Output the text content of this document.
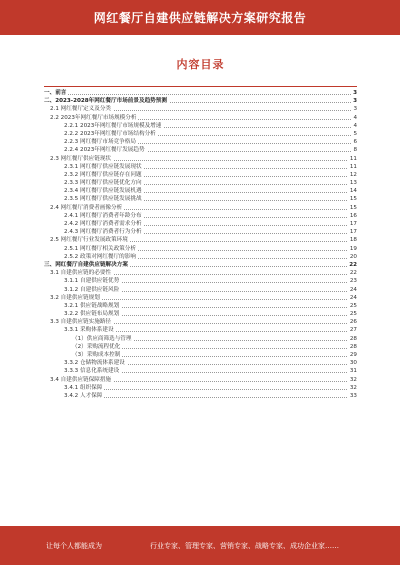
网红餐厅自建供应链解决方案研究报告
内容目录
一、前言	3
二、2023-2028年网红餐厅市场前景及趋势预测	3
2.1 网红餐厅定义及分类	3
2.2 2023年网红餐厅市场规模分析	4
2.2.1 2023年网红餐厅市场规模及增速	4
2.2.2 2023年网红餐厅市场结构分析	5
2.2.3 网红餐厅市场竞争格局	6
2.2.4 2023年网红餐厅发展趋势	8
2.3 网红餐厅供应链现状	11
2.3.1 网红餐厅供应链发展现状	11
2.3.2 网红餐厅供应链存在问题	12
2.3.3 网红餐厅供应链优化方向	13
2.3.4 网红餐厅供应链发展机遇	14
2.3.5 网红餐厅供应链发展挑战	15
2.4 网红餐厅消费者画像分析	15
2.4.1 网红餐厅消费者年龄分布	16
2.4.2 网红餐厅消费者需求分析	17
2.4.3 网红餐厅消费者行为分析	17
2.5 网红餐厅行业发展政策环境	18
2.5.1 网红餐厅相关政策分析	19
2.5.2 政策对网红餐厅的影响	20
三、网红餐厅自建供应链解决方案	22
3.1 自建供应链的必要性	22
3.1.1 自建供应链优势	23
3.1.2 自建供应链风险	24
3.2 自建供应链规划	24
3.2.1 供应链战略规划	25
3.2.2 供应链布局规划	25
3.3 自建供应链实施路径	26
3.3.1 采购体系建设	27
（1）供应商筛选与管理	28
（2）采购流程优化	28
（3）采购成本控制	29
3.3.2 仓储物流体系建设	30
3.3.3 信息化系统建设	31
3.4 自建供应链保障措施	32
3.4.1 组织保障	32
3.4.2 人才保障	33
让每个人都能成为	行业专家、管理专家、营销专家、战略专家、成功企业家……
